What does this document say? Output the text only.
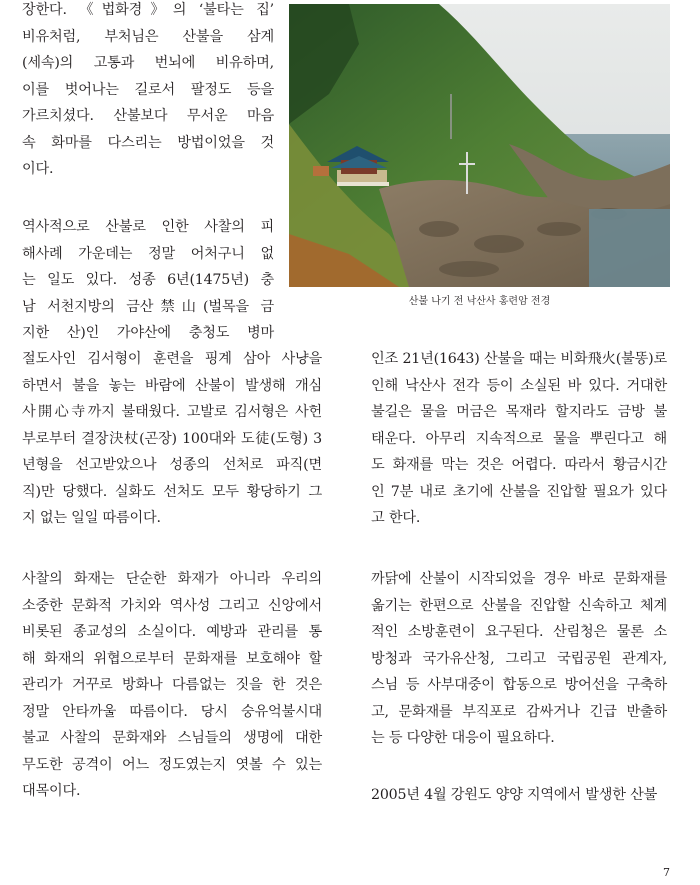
장한다. 《법화경》의 ‘불타는 집’
비유처럼, 부처님은 산불을 삼계
(세속)의 고통과 번뇌에 비유하며,
이를 벗어나는 길로서 팔정도 등을
가르치셨다. 산불보다 무서운 마음
속 화마를 다스리는 방법이었을 것
이다.
역사적으로 산불로 인한 사찰의 피
해사례 가운데는 정말 어처구니 없
는 일도 있다. 성종 6년(1475년) 충
남 서천지방의 금산禁山(벌목을 금
지한 산)인 가야산에 충청도 병마
절도사인 김서형이 훈련을 핑계 삼아 사냥을
하면서 불을 놓는 바람에 산불이 발생해 개심
사開心寺까지 불태웠다. 고발로 김서형은 사헌
부로부터 결장決杖(곤장) 100대와 도徒(도형) 3
년형을 선고받았으나 성종의 선처로 파직(면
직)만 당했다. 실화도 선처도 모두 황당하기 그
지 없는 일일 따름이다.
사찰의 화재는 단순한 화재가 아니라 우리의
소중한 문화적 가치와 역사성 그리고 신앙에서
비롯된 종교성의 소실이다. 예방과 관리를 통
해 화재의 위협으로부터 문화재를 보호해야 할
관리가 거꾸로 방화나 다름없는 짓을 한 것은
정말 안타까울 따름이다. 당시 숭유억불시대
불교 사찰의 문화재와 스님들의 생명에 대한
무도한 공격이 어느 정도였는지 엿볼 수 있는
대목이다.
산불 나기 전 낙산사 홍련암 전경
인조 21년(1643) 산불을 때는 비화飛火(불똥)로
인해 낙산사 전각 등이 소실된 바 있다. 거대한
불길은 물을 머금은 목재라 할지라도 금방 불
태운다. 아무리 지속적으로 물을 뿌린다고 해
도 화재를 막는 것은 어렵다. 따라서 황금시간
인 7분 내로 초기에 산불을 진압할 필요가 있다
고 한다.
까닭에 산불이 시작되었을 경우 바로 문화재를
옮기는 한편으로 산불을 진압할 신속하고 체계
적인 소방훈련이 요구된다. 산림청은 물론 소
방청과 국가유산청, 그리고 국립공원 관계자,
스님 등 사부대중이 합동으로 방어선을 구축하
고, 문화재를 부직포로 감싸거나 긴급 반출하
는 등 다양한 대응이 필요하다.
2005년 4월 강원도 양양 지역에서 발생한 산불
7
